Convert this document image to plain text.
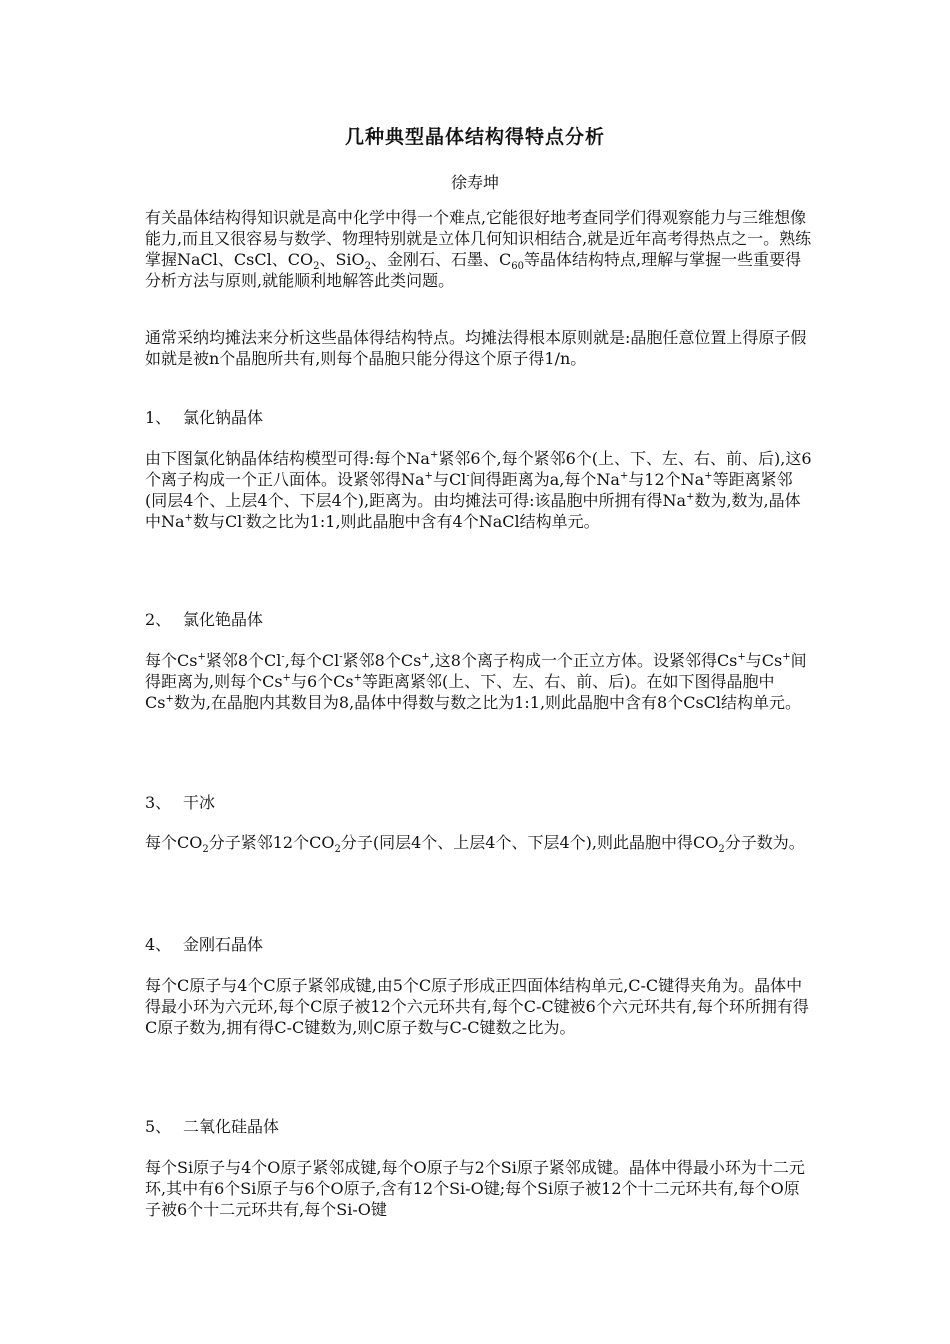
几种典型晶体结构得特点分析
徐寿坤

有关晶体结构得知识就是高中化学中得一个难点,它能很好地考查同学们得观察能力与三维想像能力,而且又很容易与数学、物理特别就是立体几何知识相结合,就是近年高考得热点之一。熟练掌握NaCl、CsCl、$CO_2$、SiO$_2$、金刚石、石墨、$C_{60}$等晶体结构特点,理解与掌握一些重要得分析方法与原则,就能顺利地解答此类问题。

通常采纳均摊法来分析这些晶体得结构特点。均摊法得根本原则就是:晶胞任意位置上得原子假如就是被n个晶胞所共有,则每个晶胞只能分得这个原子得1/n。

1、 氯化钠晶体

由下图氯化钠晶体结构模型可得:每个Na+紧邻6个,每个紧邻6个(上、下、左、右、前、后),这6个离子构成一个正八面体。设紧邻得Na+与Cl-间得距离为a,每个Na+与12个Na+等距离紧邻(同层4个、上层4个、下层4个),距离为。由均摊法可得:该晶胞中所拥有得Na+数为,数为,晶体中Na+数与Cl-数之比为1:1,则此晶胞中含有4个NaCl结构单元。

2、 氯化铯晶体

每个Cs+紧邻8个Cl-,每个Cl-紧邻8个Cs+,这8个离子构成一个正立方体。设紧邻得Cs+与Cs+间得距离为,则每个Cs+与6个Cs+等距离紧邻(上、下、左、右、前、后)。在如下图得晶胞中Cs+数为,在晶胞内其数目为8,晶体中得数与数之比为1:1,则此晶胞中含有8个CsCl结构单元。

3、 干冰

每个$CO_2$分子紧邻12个$CO_2$分子(同层4个、上层4个、下层4个),则此晶胞中得$CO_2$分子数为。

4、 金刚石晶体

每个C原子与4个C原子紧邻成键,由5个C原子形成正四面体结构单元,C-C键得夹角为。晶体中得最小环为六元环,每个C原子被12个六元环共有,每个C-C键被6个六元环共有,每个环所拥有得C原子数为,拥有得C-C键数为,则C原子数与C-C键数之比为。

5、 二氧化硅晶体

每个Si原子与4个O原子紧邻成键,每个O原子与2个Si原子紧邻成键。晶体中得最小环为十二元环,其中有6个Si原子与6个O原子,含有12个Si-O键;每个Si原子被12个十二元环共有,每个O原子被6个十二元环共有,每个Si-O键
